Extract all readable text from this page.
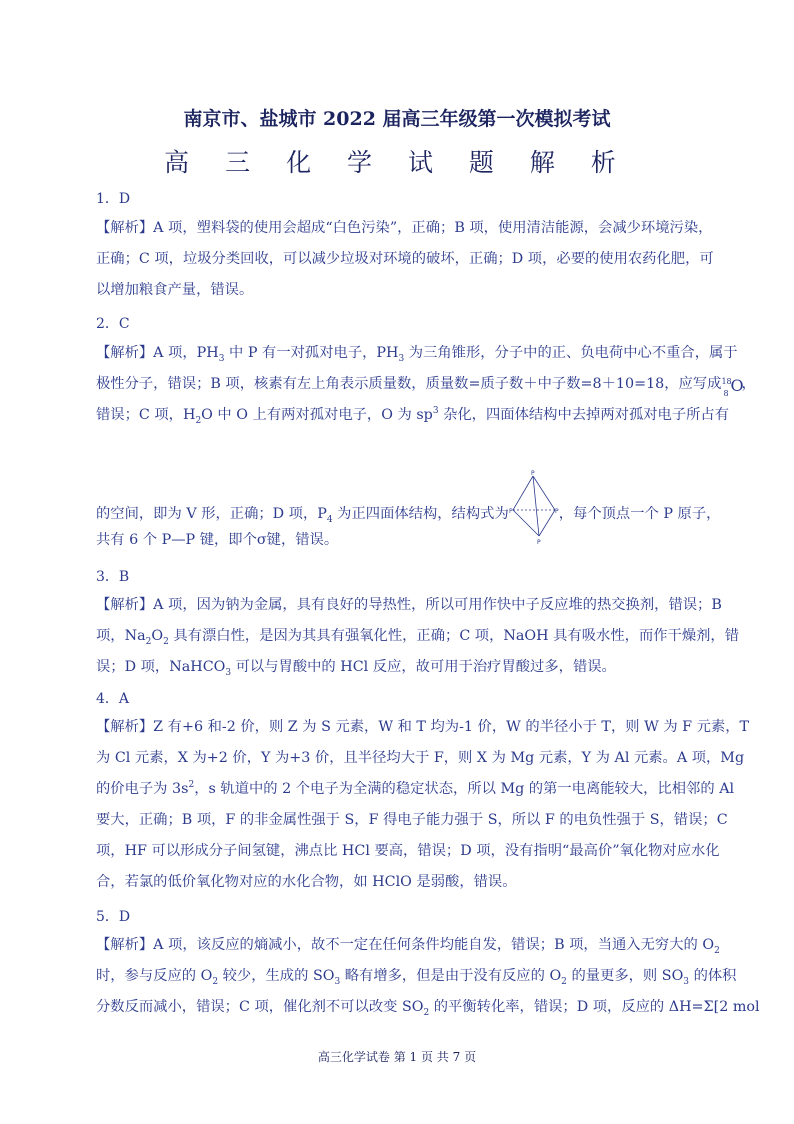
南京市、盐城市 2022 届高三年级第一次模拟考试
高 三 化 学 试 题 解 析
1．D
【解析】A 项，塑料袋的使用会超成“白色污染”，正确；B 项，使用清洁能源，会减少环境污染，
正确；C 项，垃圾分类回收，可以减少垃圾对环境的破坏，正确；D 项，必要的使用农药化肥，可
以增加粮食产量，错误。
2．C
【解析】A 项，$PH_3$ 中 P 有一对孤对电子，$PH_3$ 为三角锥形，分子中的正、负电荷中心不重合，属于
极性分子，错误；B 项，核素有左上角表示质量数，质量数=质子数＋中子数=8＋10=18，应写成 18
8 O
，
错误；C 项，$H_2O$ 中 O 上有两对孤对电子，O 为 $sp^3$ 杂化，四面体结构中去掉两对孤对电子所占有
的空间，即为 V 形，正确；D 项，$P_4$ 为正四面体结构，结构式为
P
P	P
P
，每个顶点一个 P 原子，
共有 6 个 P—P 键，即个σ键，错误。
3．B
【解析】A 项，因为钠为金属，具有良好的导热性，所以可用作快中子反应堆的热交换剂，错误；B
项，$Na_2O_2$ 具有漂白性，是因为其具有强氧化性，正确；C 项，NaOH 具有吸水性，而作干燥剂，错
误；D 项，NaHCO$_3$ 可以与胃酸中的 HCl 反应，故可用于治疗胃酸过多，错误。
4．A
【解析】Z 有+6 和-2 价，则 Z 为 S 元素，W 和 T 均为-1 价，W 的半径小于 T，则 W 为 F 元素，T
为 Cl 元素，X 为+2 价，Y 为+3 价，且半径均大于 F，则 X 为 Mg 元素，Y 为 Al 元素。A 项，Mg
的价电子为 $3s^2$，s 轨道中的 2 个电子为全满的稳定状态，所以 Mg 的第一电离能较大，比相邻的 Al
要大，正确；B 项，F 的非金属性强于 S，F 得电子能力强于 S，所以 F 的电负性强于 S，错误；C
项，HF 可以形成分子间氢键，沸点比 HCl 要高，错误；D 项，没有指明“最高价”氧化物对应水化
合，若氯的低价氧化物对应的水化合物，如 HClO 是弱酸，错误。
5．D
【解析】A 项，该反应的熵减小，故不一定在任何条件均能自发，错误；B 项，当通入无穷大的 $O_2$
时，参与反应的 $O_2$ 较少，生成的 $SO_3$ 略有增多，但是由于没有反应的 $O_2$ 的量更多，则 $SO_3$ 的体积
分数反而减小，错误；C 项，催化剂不可以改变 $SO_2$ 的平衡转化率，错误；D 项，反应的 ΔH=Σ[2 mol
高三化学试卷 第 1 页 共 7 页
